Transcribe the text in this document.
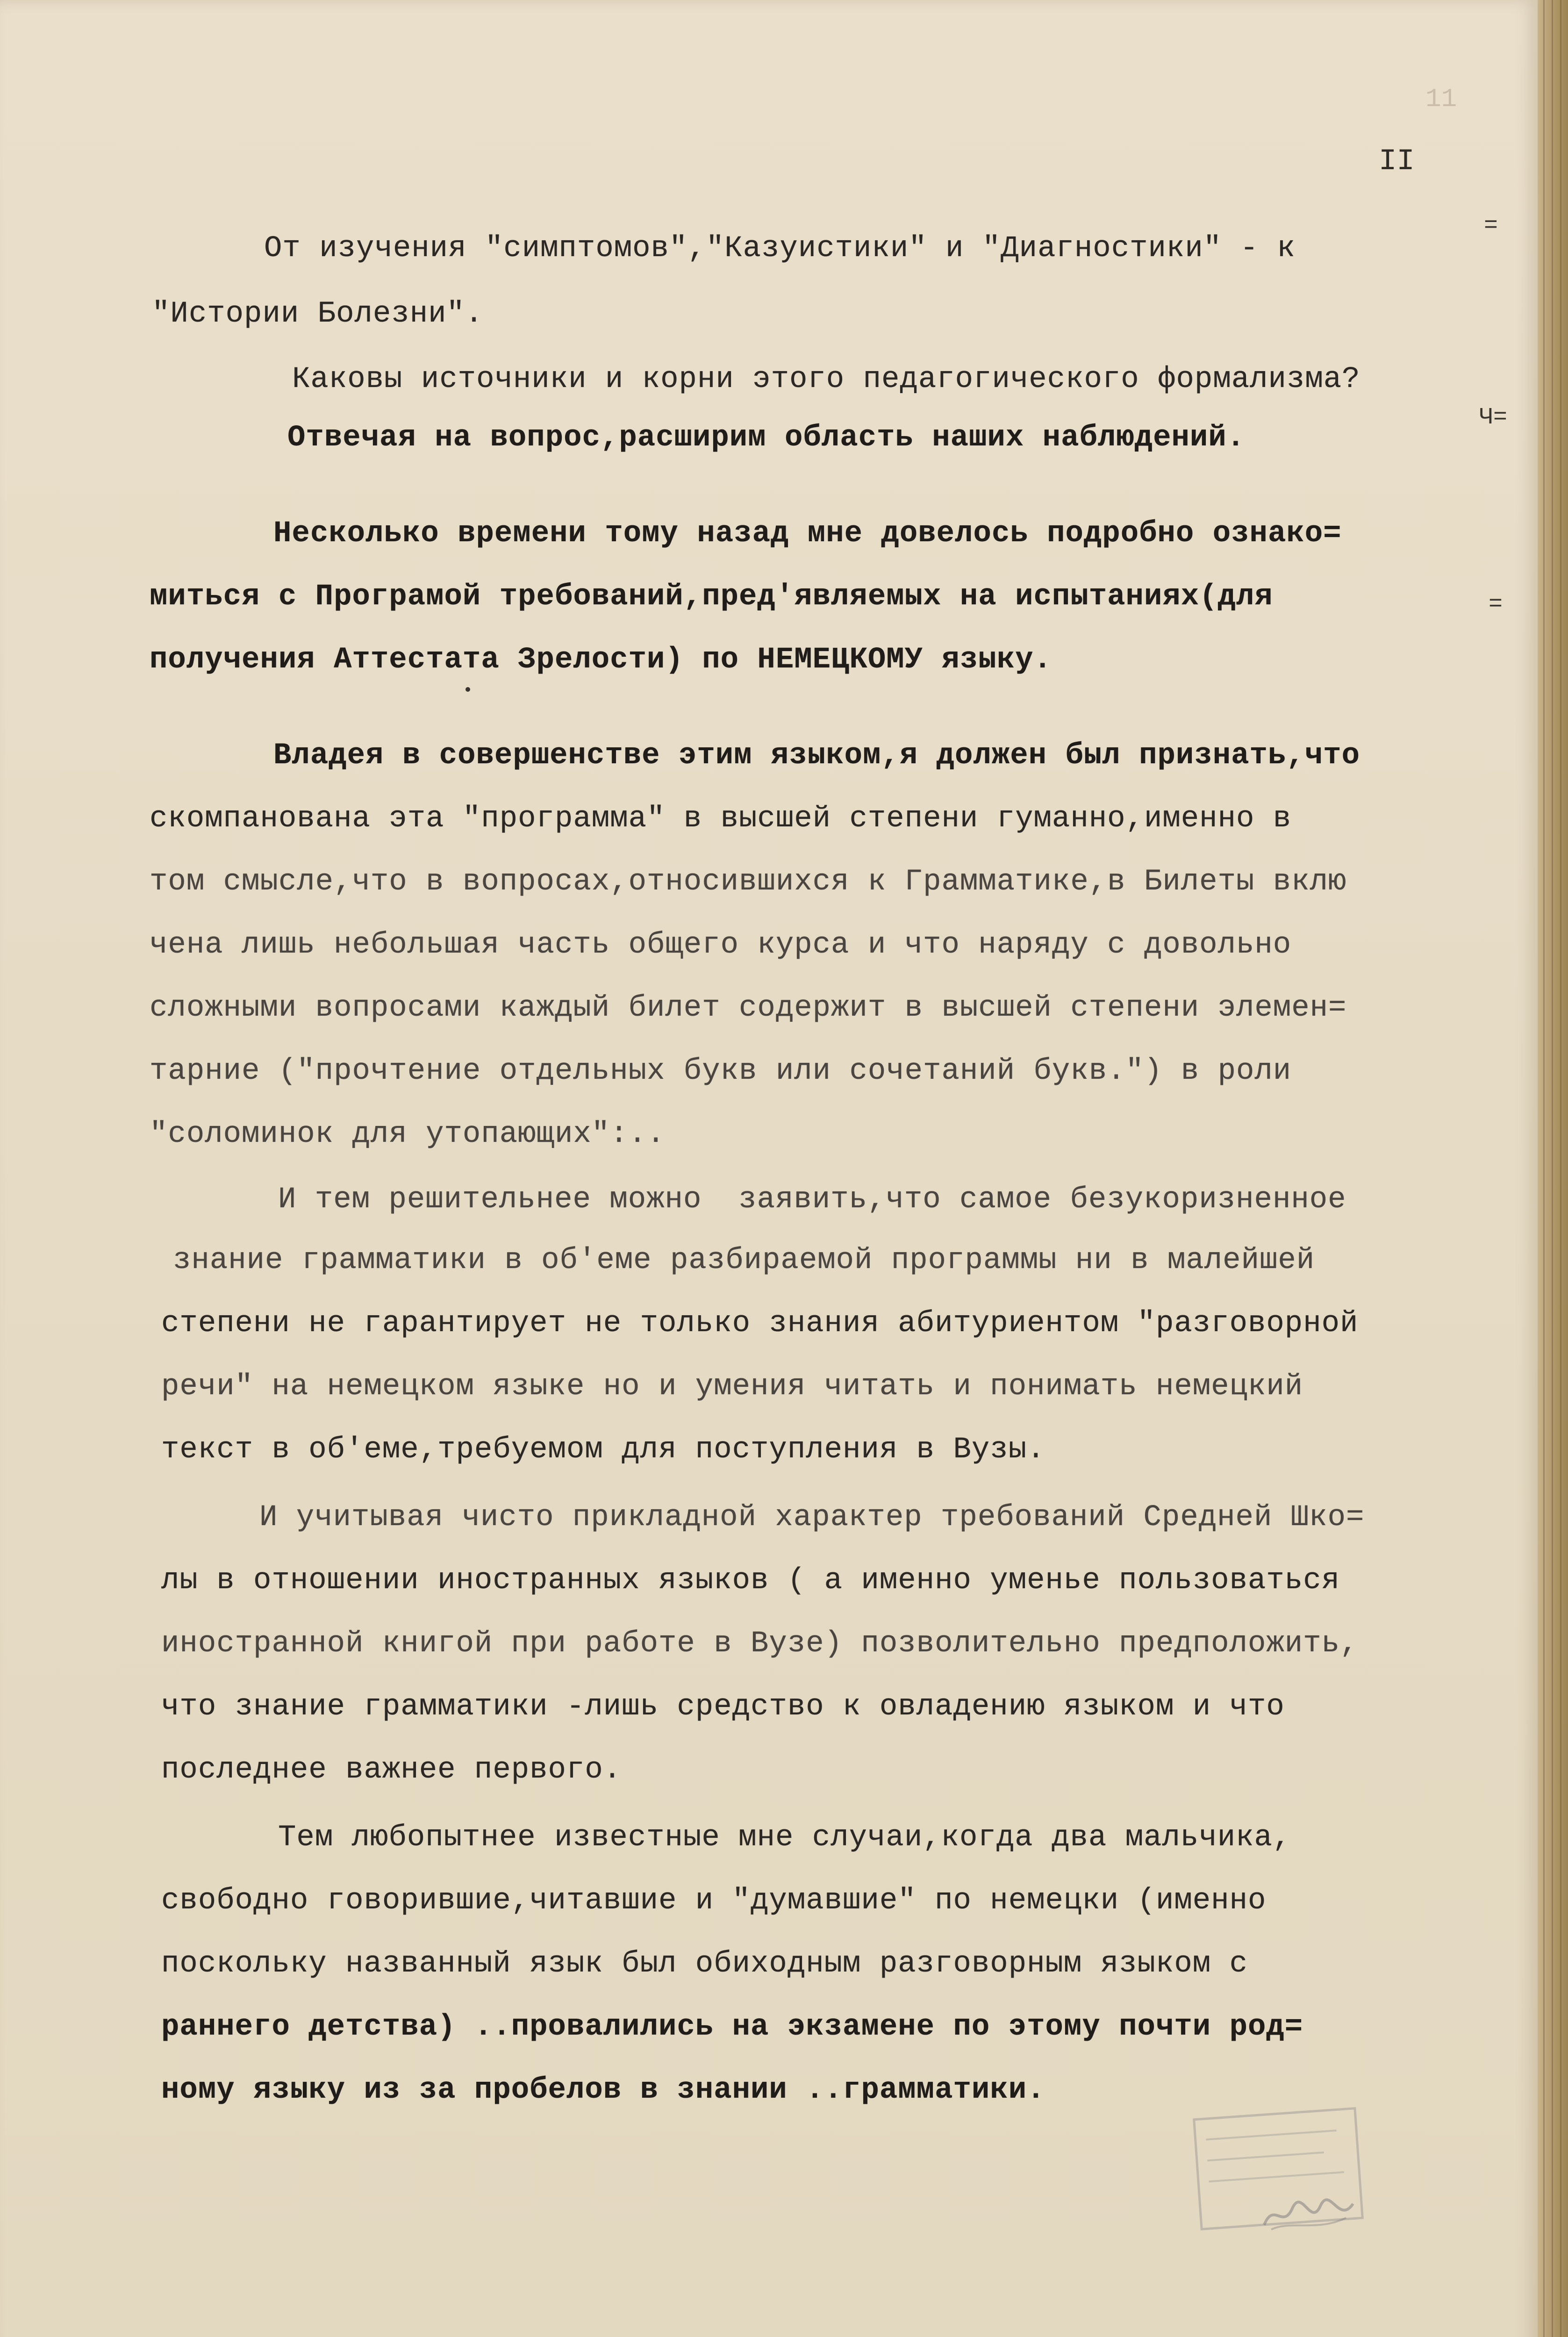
11
II
От изучения "симптомов","Казуистики" и "Диагностики" - к
"Истории Болезни".
Каковы источники и корни этого педагогического формализма?
Отвечая на вопрос,расширим область наших наблюдений.
Несколько времени тому назад мне довелось подробно ознако=
миться с Програмой требований,пред'являемых на испытаниях(для
получения Аттестата Зрелости) по НЕМЕЦКОМУ языку.
Владея в совершенстве этим языком,я должен был признать,что
скомпанована эта "программа" в высшей степени гуманно,именно в
том смысле,что в вопросах,относившихся к Грамматике,в Билеты вклю
чена лишь небольшая часть общего курса и что наряду с довольно
сложными вопросами каждый билет содержит в высшей степени элемен=
тарние ("прочтение отдельных букв или сочетаний букв.") в роли
"соломинок для утопающих":..
И тем решительнее можно  заявить,что самое безукоризненное
знание грамматики в об'еме разбираемой программы ни в малейшей
степени не гарантирует не только знания абитуриентом "разговорной
речи" на немецком языке но и умения читать и понимать немецкий
текст в об'еме,требуемом для поступления в Вузы.
И учитывая чисто прикладной характер требований Средней Шко=
лы в отношении иностранных языков ( а именно уменье пользоваться
иностранной книгой при работе в Вузе) позволительно предположить,
что знание грамматики -лишь средство к овладению языком и что
последнее важнее первого.
Тем любопытнее известные мне случаи,когда два мальчика,
свободно говорившие,читавшие и "думавшие" по немецки (именно
поскольку названный язык был обиходным разговорным языком с
раннего детства) ..провалились на экзамене по этому почти род=
ному языку из за пробелов в знании ..грамматики.
=
Ч=
=
